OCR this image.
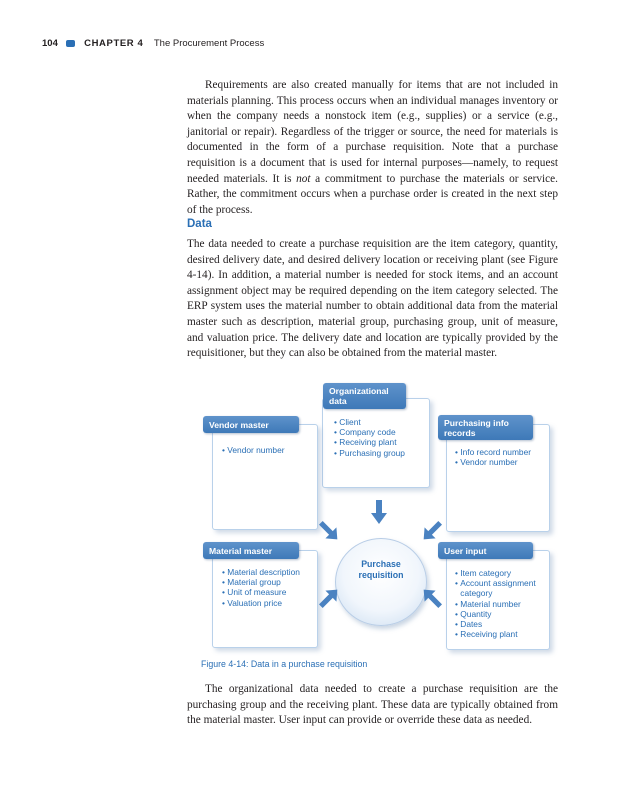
104	CHAPTER 4 The Procurement Process

Requirements are also created manually for items that are not included in materials planning. This process occurs when an individual manages inventory or when the company needs a nonstock item (e.g., supplies) or a service (e.g., janitorial or repair). Regardless of the trigger or source, the need for materials is documented in the form of a purchase requisition. Note that a purchase requisition is a document that is used for internal purposes—namely, to request needed materials. It is not a commitment to purchase the materials or service. Rather, the commitment occurs when a purchase order is created in the next step of the process.

Data

The data needed to create a purchase requisition are the item category, quantity, desired delivery date, and desired delivery location or receiving plant (see Figure 4-14). In addition, a material number is needed for stock items, and an account assignment object may be required depending on the item category selected. The ERP system uses the material number to obtain additional data from the material master such as description, material group, purchasing group, unit of measure, and valuation price. The delivery date and location are typically provided by the requisitioner, but they can also be obtained from the material master.

• Client
• Company code
• Receiving plant
• Purchasing group
Organizational data
• Vendor number
Vendor master
• Info record number
• Vendor number
Purchasing info records
• Material description
• Material group
• Unit of measure
• Valuation price
Material master
• Item category
• Account assignment category
• Material number
• Quantity
• Dates
• Receiving plant
User input
Purchase requisition

Figure 4-14: Data in a purchase requisition

The organizational data needed to create a purchase requisition are the purchasing group and the receiving plant. These data are typically obtained from the material master. User input can provide or override these data as needed.
